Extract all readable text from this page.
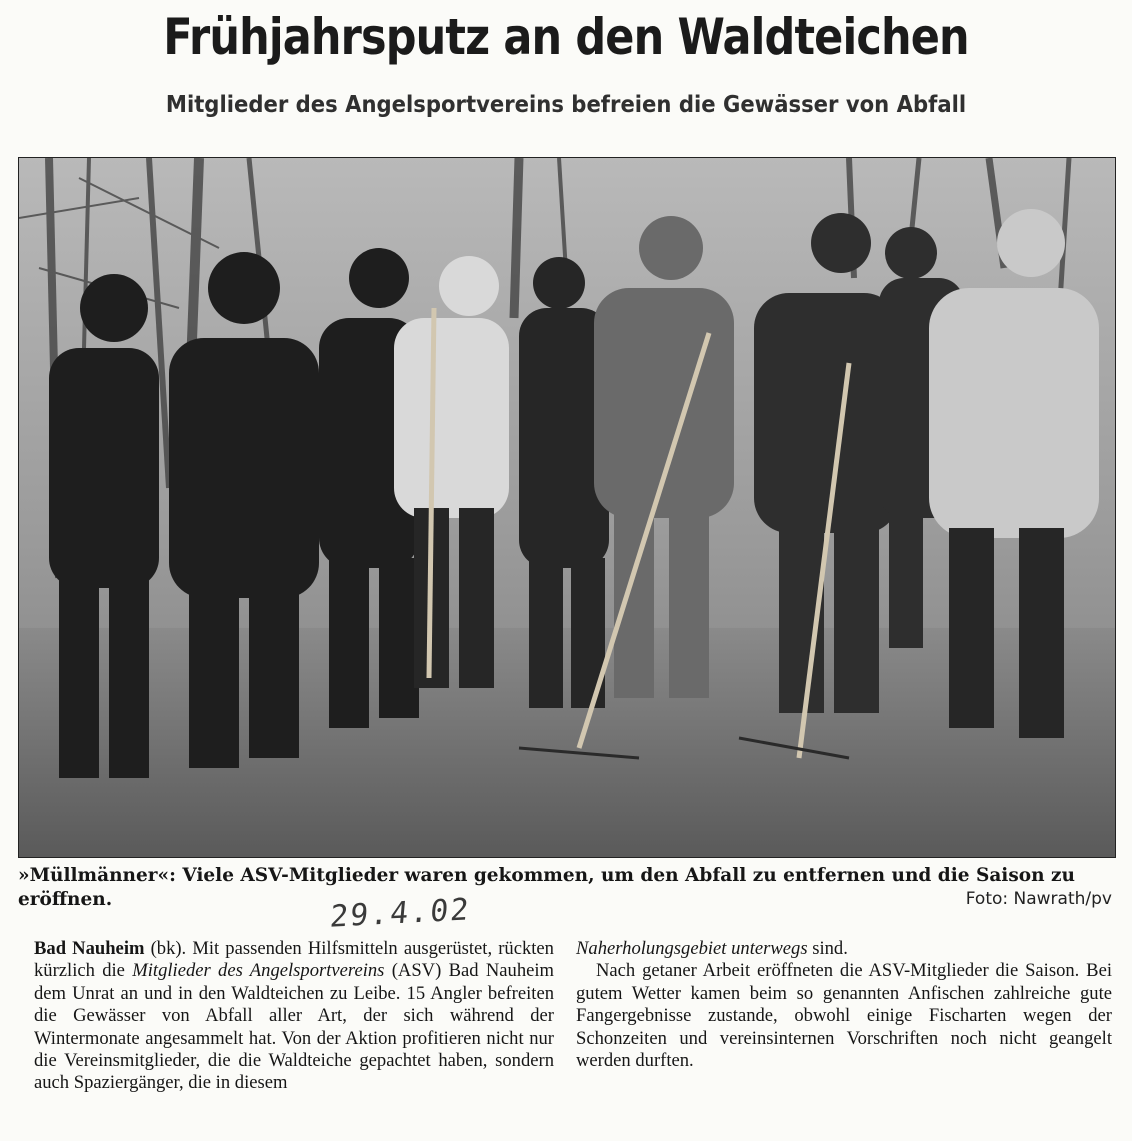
Frühjahrsputz an den Waldteichen
Mitglieder des Angelsportvereins befreien die Gewässer von Abfall

»Müllmänner«: Viele ASV-Mitglieder waren gekommen, um den Abfall zu entfernen und die Saison zu eröffnen.	Foto: Nawrath/pv

29.4.02

Bad Nauheim (bk). Mit passenden Hilfsmitteln ausgerüstet, rückten kürzlich die Mitglieder des Angelsportvereins (ASV) Bad Nauheim dem Unrat an und in den Waldteichen zu Leibe. 15 Angler befreiten die Gewässer von Abfall aller Art, der sich während der Wintermonate angesammelt hat. Von der Aktion profitieren nicht nur die Vereinsmitglieder, die die Waldteiche gepachtet haben, sondern auch Spaziergänger, die in diesem

Naherholungsgebiet unterwegs sind.

Nach getaner Arbeit eröffneten die ASV-Mitglieder die Saison. Bei gutem Wetter kamen beim so genannten Anfischen zahlreiche gute Fangergebnisse zustande, obwohl einige Fischarten wegen der Schonzeiten und vereinsinternen Vorschriften noch nicht geangelt werden durften.
